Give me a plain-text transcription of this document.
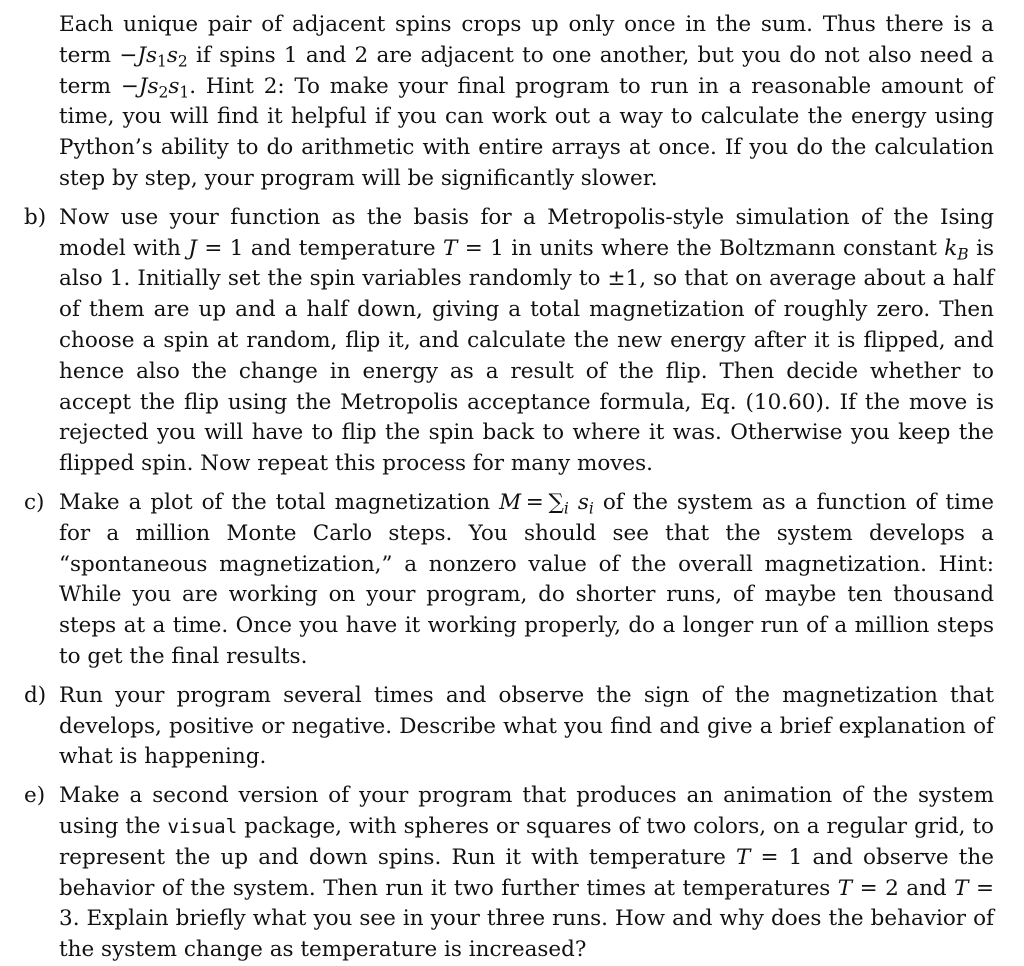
Each unique pair of adjacent spins crops up only once in the sum. Thus there is a term $-Js_1s_2$ if spins 1 and 2 are adjacent to one another, but you do not also need a term $-Js_2s_1$. Hint 2: To make your final program to run in a reasonable amount of time, you will find it helpful if you can work out a way to calculate the energy using Python’s ability to do arithmetic with entire arrays at once. If you do the calculation step by step, your program will be significantly slower.
b) Now use your function as the basis for a Metropolis-style simulation of the Ising model with J = 1 and temperature T = 1 in units where the Boltzmann constant $k_B$ is also 1. Initially set the spin variables randomly to ±1, so that on average about a half of them are up and a half down, giving a total magnetization of roughly zero. Then choose a spin at random, flip it, and calculate the new energy after it is flipped, and hence also the change in energy as a result of the flip. Then decide whether to accept the flip using the Metropolis acceptance formula, Eq. (10.60). If the move is rejected you will have to flip the spin back to where it was. Otherwise you keep the flipped spin. Now repeat this process for many moves.
c) Make a plot of the total magnetization $M = \sum_i$ $s_i$ of the system as a function of time for a million Monte Carlo steps. You should see that the system develops a “spontaneous magnetization,” a nonzero value of the overall magnetization. Hint: While you are working on your program, do shorter runs, of maybe ten thousand steps at a time. Once you have it working properly, do a longer run of a million steps to get the final results.
d) Run your program several times and observe the sign of the magnetization that develops, positive or negative. Describe what you find and give a brief explanation of what is happening.
e) Make a second version of your program that produces an animation of the system using the visual package, with spheres or squares of two colors, on a regular grid, to represent the up and down spins. Run it with temperature T = 1 and observe the behavior of the system. Then run it two further times at temperatures T = 2 and T = 3. Explain briefly what you see in your three runs. How and why does the behavior of the system change as temperature is increased?
